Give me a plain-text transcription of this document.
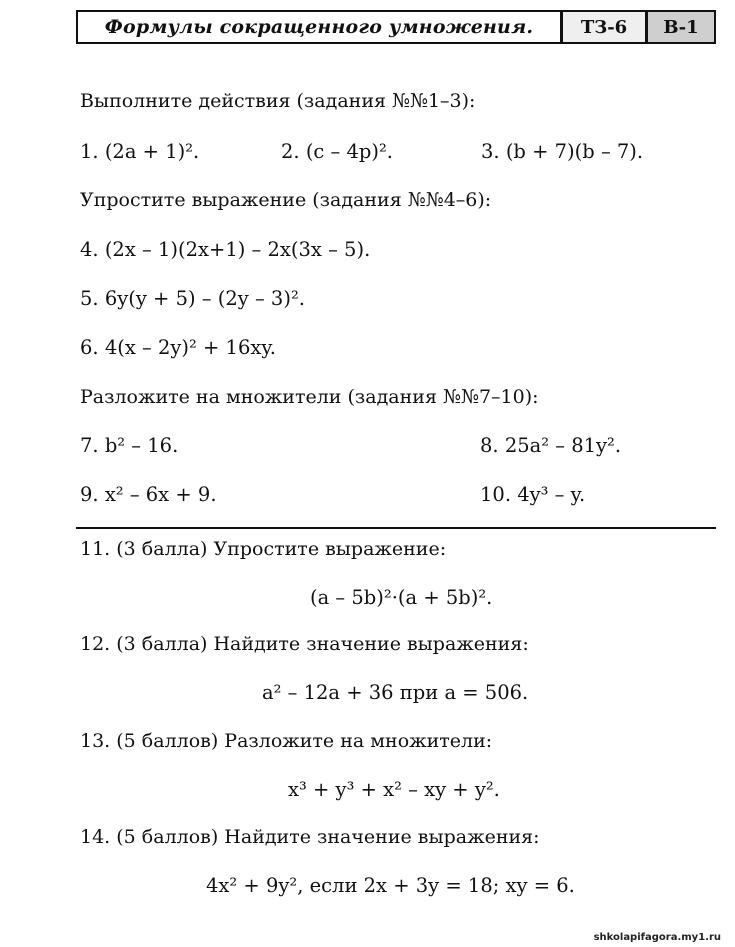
Формулы сокращенного умножения.	ТЗ-6	В-1
Выполните действия (задания №№1–3):
1. (2a + 1)².	2. (c – 4p)².	3. (b + 7)(b – 7).
Упростите выражение (задания №№4–6):
4. (2x – 1)(2x+1) – 2x(3x – 5).
5. 6y(y + 5) – (2y – 3)².
6. 4(x – 2y)² + 16xy.
Разложите на множители (задания №№7–10):
7. b² – 16.	8. 25a² – 81y².
9. x² – 6x + 9.	10. 4y³ – y.
11. (3 балла) Упростите выражение:
(a – 5b)²·(a + 5b)².
12. (3 балла) Найдите значение выражения:
a² – 12a + 36 при a = 506.
13. (5 баллов) Разложите на множители:
x³ + y³ + x² – xy + y².
14. (5 баллов) Найдите значение выражения:
4x² + 9y², если 2x + 3y = 18; xy = 6.
shkolapifagora.my1.ru
